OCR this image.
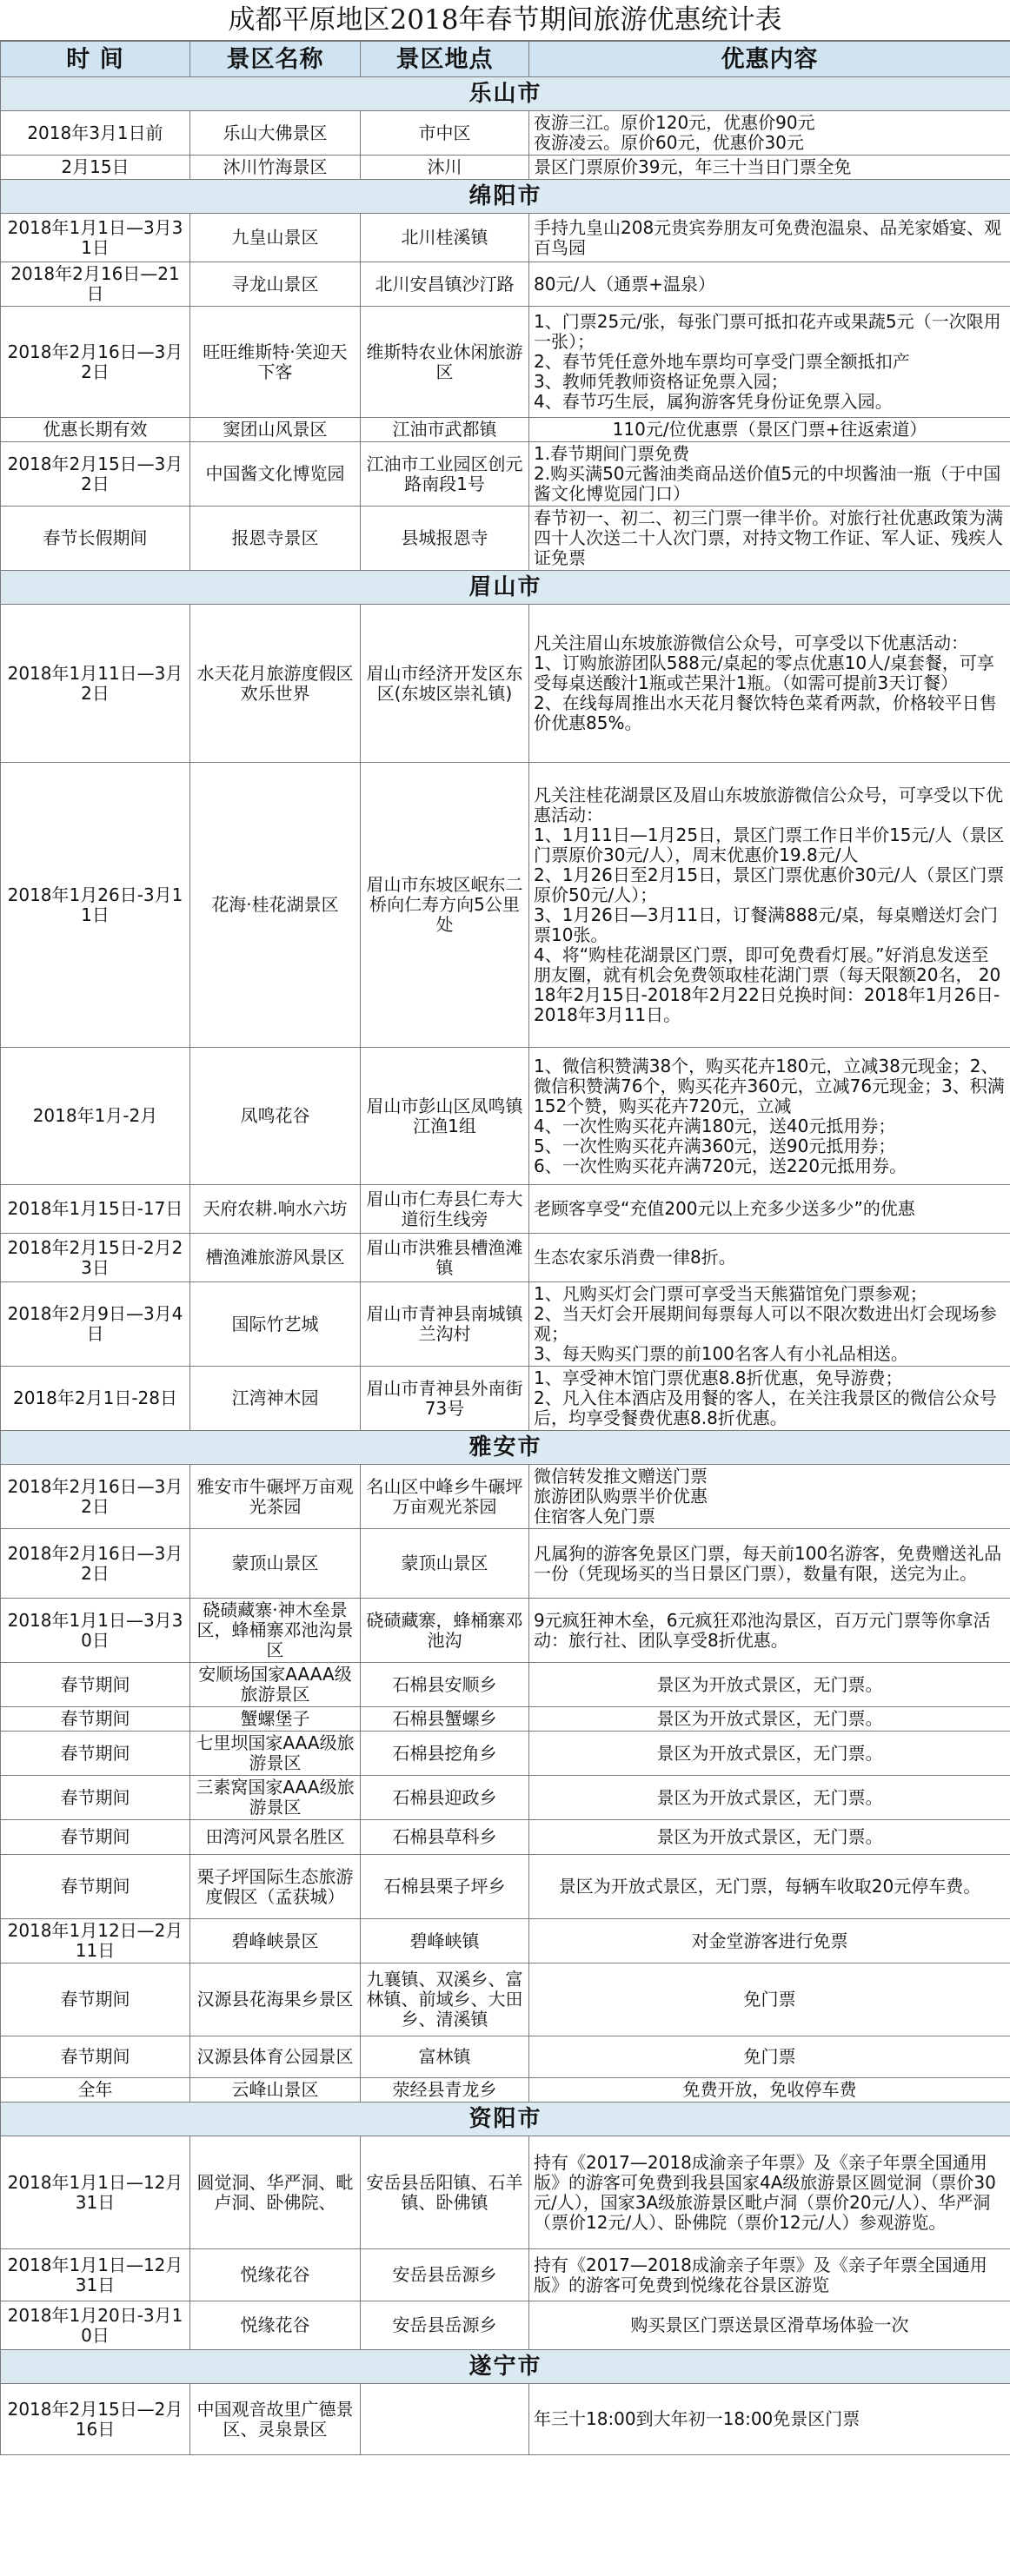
成都平原地区2018年春节期间旅游优惠统计表
时 间	景区名称	景区地点	优惠内容
乐山市			
2018年3月1日前	乐山大佛景区	市中区	夜游三江。原价120元，优惠价90元
夜游凌云。原价60元，优惠价30元
2月15日	沐川竹海景区	沐川	景区门票原价39元，年三十当日门票全免
绵阳市			
2018年1月1日—3月31日	九皇山景区	北川桂溪镇	手持九皇山208元贵宾券朋友可免费泡温泉、品羌家婚宴、观百鸟园
2018年2月16日—21日	寻龙山景区	北川安昌镇沙汀路	80元/人（通票+温泉）
2018年2月16日—3月2日	旺旺维斯特·笑迎天下客	维斯特农业休闲旅游区	1、门票25元/张，每张门票可抵扣花卉或果蔬5元（一次限用一张）；
2、春节凭任意外地车票均可享受门票全额抵扣产
3、教师凭教师资格证免票入园；
4、春节巧生辰，属狗游客凭身份证免票入园。
优惠长期有效	窦团山风景区	江油市武都镇	110元/位优惠票（景区门票+往返索道）
2018年2月15日—3月2日	中国酱文化博览园	江油市工业园区创元路南段1号	1.春节期间门票免费
2.购买满50元酱油类商品送价值5元的中坝酱油一瓶（于中国酱文化博览园门口）
春节长假期间	报恩寺景区	县城报恩寺	春节初一、初二、初三门票一律半价。对旅行社优惠政策为满四十人次送二十人次门票，对持文物工作证、军人证、残疾人证免票
眉山市			
2018年1月11日—3月2日	水天花月旅游度假区欢乐世界	眉山市经济开发区东区(东坡区崇礼镇)	凡关注眉山东坡旅游微信公众号，可享受以下优惠活动：
1、订购旅游团队588元/桌起的零点优惠10人/桌套餐，可享受每桌送酸汁1瓶或芒果汁1瓶。（如需可提前3天订餐）
2、在线每周推出水天花月餐饮特色菜肴两款，价格较平日售价优惠85%。
2018年1月26日-3月11日	花海·桂花湖景区	眉山市东坡区岷东二桥向仁寿方向5公里处	凡关注桂花湖景区及眉山东坡旅游微信公众号，可享受以下优惠活动：
1、1月11日—1月25日，景区门票工作日半价15元/人（景区门票原价30元/人），周末优惠价19.8元/人
2、1月26日至2月15日，景区门票优惠价30元/人（景区门票原价50元/人）；
3、1月26日—3月11日，订餐满888元/桌，每桌赠送灯会门票10张。
4、将“购桂花湖景区门票，即可免费看灯展。”好消息发送至朋友圈，就有机会免费领取桂花湖门票（每天限额20名， 2018年2月15日-2018年2月22日兑换时间：2018年1月26日-2018年3月11日。
2018年1月-2月	凤鸣花谷	眉山市彭山区凤鸣镇江渔1组	1、微信积赞满38个，购买花卉180元，立减38元现金；2、微信积赞满76个，购买花卉360元，立减76元现金；3、积满152个赞，购买花卉720元，立减
4、一次性购买花卉满180元，送40元抵用券；
5、一次性购买花卉满360元，送90元抵用券；
6、一次性购买花卉满720元，送220元抵用券。
2018年1月15日-17日	天府农耕.响水六坊	眉山市仁寿县仁寿大道衍生线旁	老顾客享受“充值200元以上充多少送多少”的优惠
2018年2月15日-2月23日	槽渔滩旅游风景区	眉山市洪雅县槽渔滩镇	生态农家乐消费一律8折。
2018年2月9日—3月4日	国际竹艺城	眉山市青神县南城镇兰沟村	1、凡购买灯会门票可享受当天熊猫馆免门票参观；
2、当天灯会开展期间每票每人可以不限次数进出灯会现场参观；
3、每天购买门票的前100名客人有小礼品相送。
2018年2月1日-28日	江湾神木园	眉山市青神县外南街73号	1、享受神木馆门票优惠8.8折优惠，免导游费；
2、凡入住本酒店及用餐的客人，在关注我景区的微信公众号后，均享受餐费优惠8.8折优惠。
雅安市			
2018年2月16日—3月2日	雅安市牛碾坪万亩观光茶园	名山区中峰乡牛碾坪万亩观光茶园	微信转发推文赠送门票
旅游团队购票半价优惠
住宿客人免门票
2018年2月16日—3月2日	蒙顶山景区	蒙顶山景区	凡属狗的游客免景区门票，每天前100名游客，免费赠送礼品一份（凭现场买的当日景区门票），数量有限，送完为止。
2018年1月1日—3月30日	硗碛藏寨·神木垒景区，蜂桶寨邓池沟景区	硗碛藏寨，蜂桶寨邓池沟	9元疯狂神木垒，6元疯狂邓池沟景区，百万元门票等你拿活动：旅行社、团队享受8折优惠。
春节期间	安顺场国家AAAA级旅游景区	石棉县安顺乡	景区为开放式景区，无门票。
春节期间	蟹螺堡子	石棉县蟹螺乡	景区为开放式景区，无门票。
春节期间	七里坝国家AAA级旅游景区	石棉县挖角乡	景区为开放式景区，无门票。
春节期间	三素窝国家AAA级旅游景区	石棉县迎政乡	景区为开放式景区，无门票。
春节期间	田湾河风景名胜区	石棉县草科乡	景区为开放式景区，无门票。
春节期间	栗子坪国际生态旅游度假区（孟获城）	石棉县栗子坪乡	景区为开放式景区，无门票，每辆车收取20元停车费。
2018年1月12日—2月11日	碧峰峡景区	碧峰峡镇	对金堂游客进行免票
春节期间	汉源县花海果乡景区	九襄镇、双溪乡、富林镇、前域乡、大田乡、清溪镇	免门票
春节期间	汉源县体育公园景区	富林镇	免门票
全年	云峰山景区	荥经县青龙乡	免费开放，免收停车费
资阳市			
2018年1月1日—12月31日	圆觉洞、华严洞、毗卢洞、卧佛院、	安岳县岳阳镇、石羊镇、卧佛镇	持有《2017—2018成渝亲子年票》及《亲子年票全国通用版》的游客可免费到我县国家4A级旅游景区圆觉洞（票价30元/人），国家3A级旅游景区毗卢洞（票价20元/人）、华严洞（票价12元/人）、卧佛院（票价12元/人）参观游览。
2018年1月1日—12月31日	悦缘花谷	安岳县岳源乡	持有《2017—2018成渝亲子年票》及《亲子年票全国通用版》的游客可免费到悦缘花谷景区游览
2018年1月20日-3月10日	悦缘花谷	安岳县岳源乡	购买景区门票送景区滑草场体验一次
遂宁市			
2018年2月15日—2月16日	中国观音故里广德景区、灵泉景区		年三十18:00到大年初一18:00免景区门票
